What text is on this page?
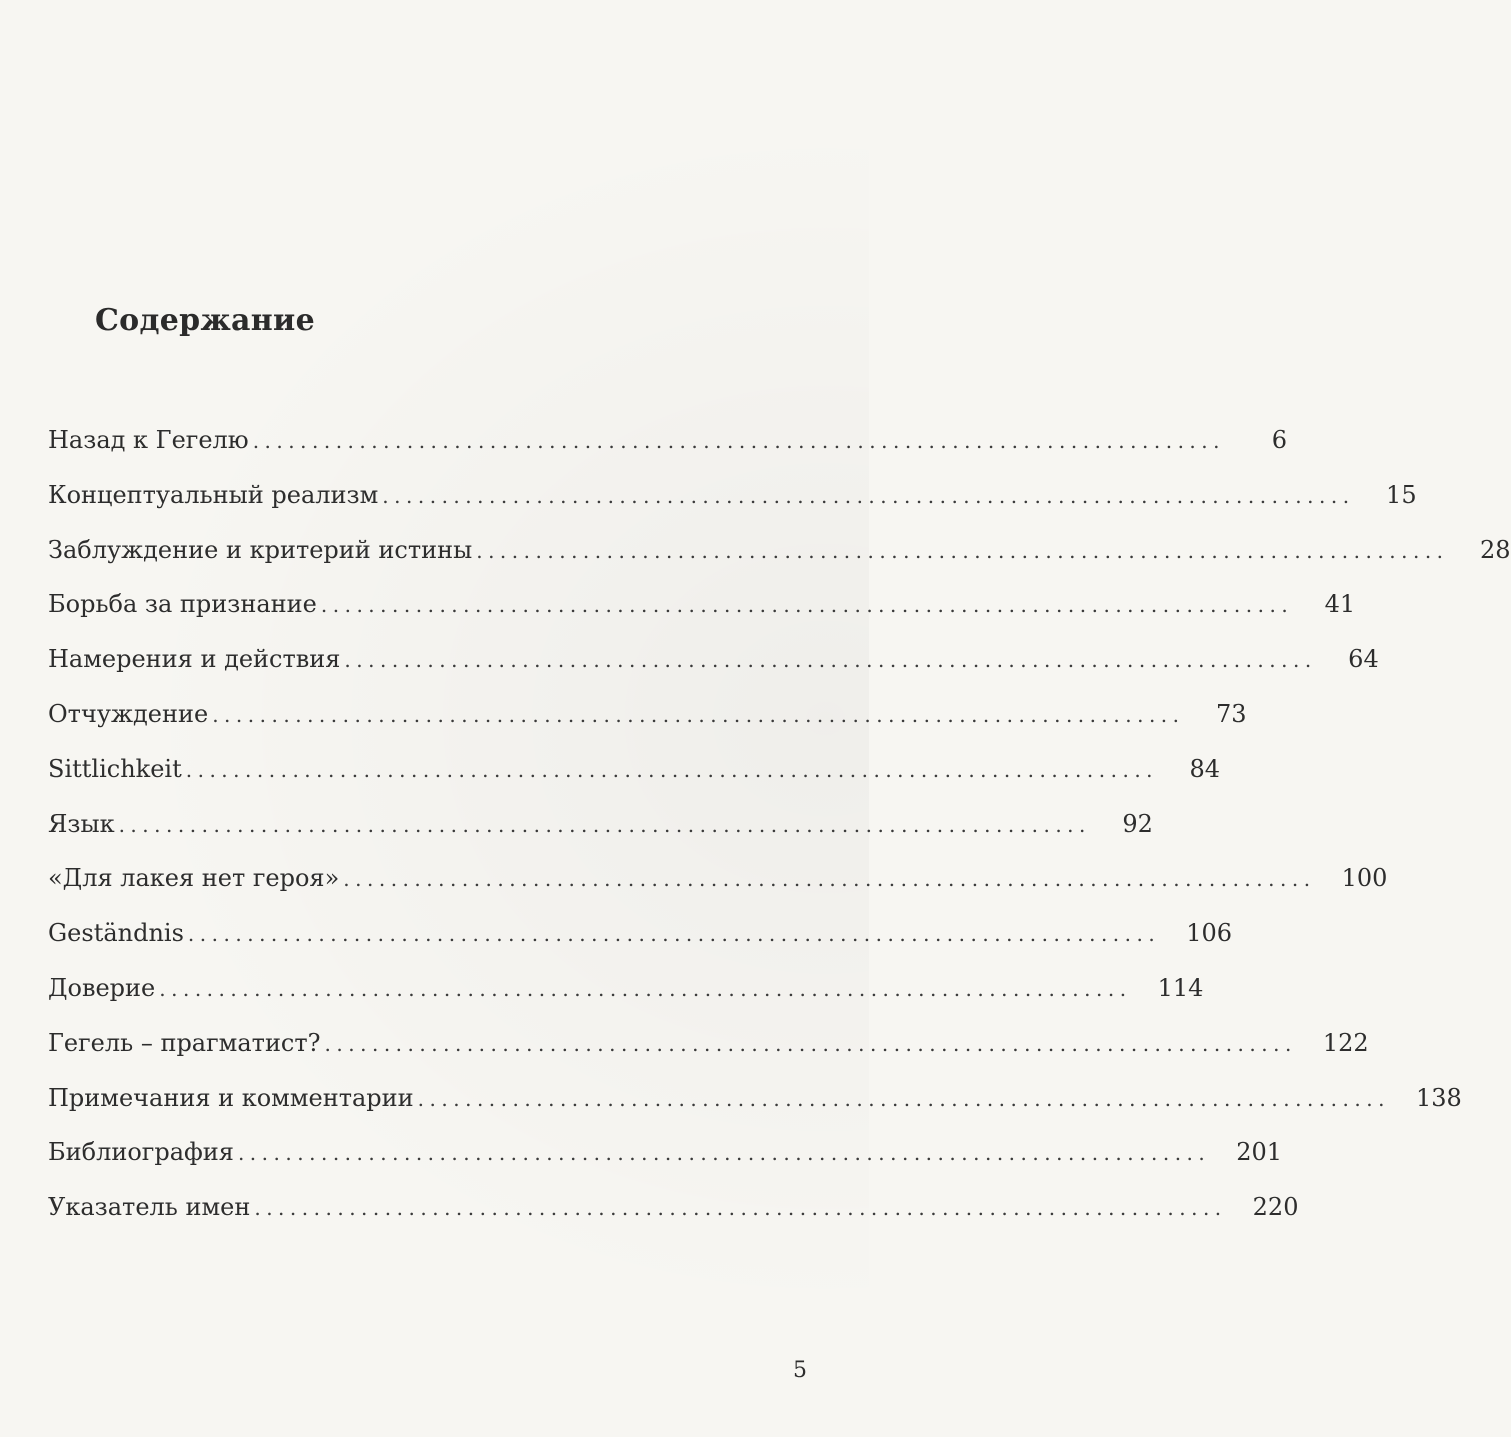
Содержание
Назад к Гегелю ..................................................................................	6
Концептуальный реализм .................................................................................. 15
Заблуждение и критерий истины .................................................................................. 28
Борьба за признание .................................................................................. 41
Намерения и действия .................................................................................. 64
Отчуждение .................................................................................. 73
Sittlichkeit .................................................................................. 84
Язык .................................................................................. 92
«Для лакея нет героя» .................................................................................. 100
Geständnis .................................................................................. 106
Доверие .................................................................................. 114
Гегель – прагматист? .................................................................................. 122
Примечания и комментарии .................................................................................. 138
Библиография .................................................................................. 201
Указатель имен .................................................................................. 220
5
